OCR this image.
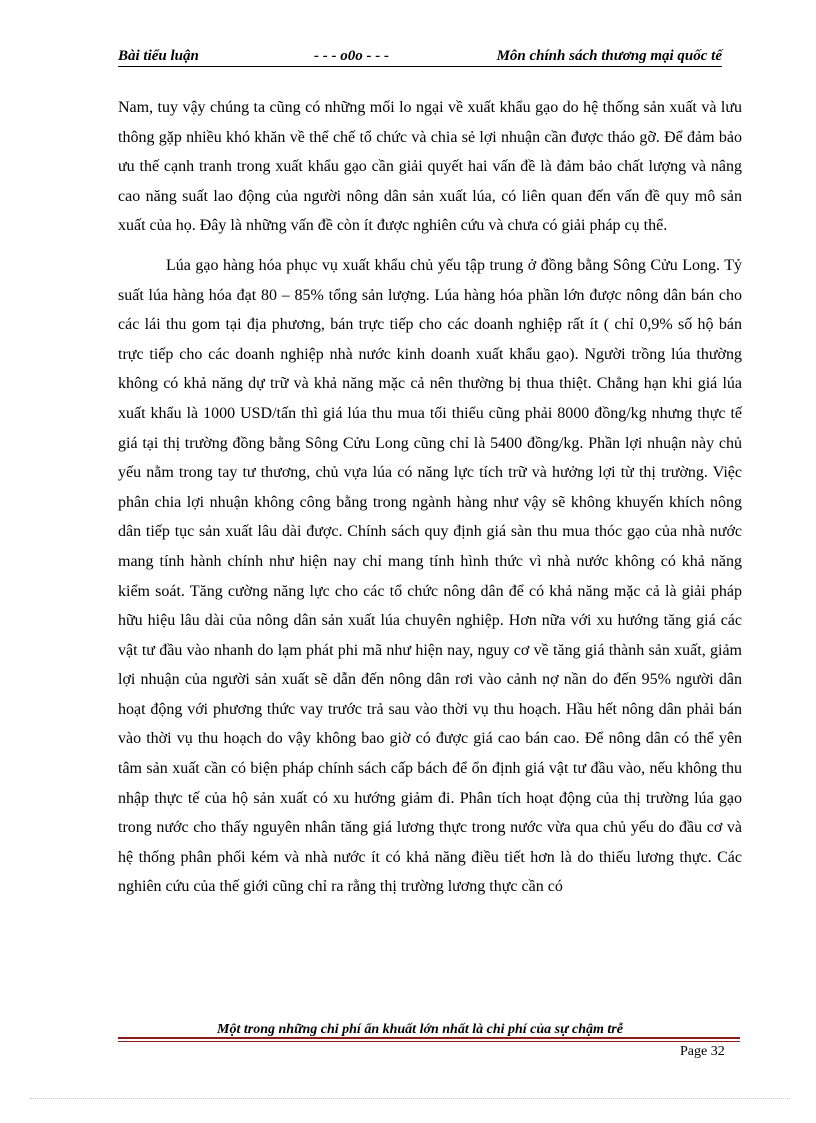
Bài tiểu luận	- - - o0o - - -	Môn chính sách thương mại quốc tế

Nam, tuy vậy chúng ta cũng có những mối lo ngại về xuất khẩu gạo do hệ thống sản xuất và lưu thông gặp nhiều khó khăn về thể chế tổ chức và chia sẻ lợi nhuận cần được tháo gỡ. Để đảm bảo ưu thế cạnh tranh trong xuất khẩu gạo cần giải quyết hai vấn đề là đảm bảo chất lượng và nâng cao năng suất lao động của người nông dân sản xuất lúa, có liên quan đến vấn đề quy mô sản xuất của họ. Đây là những vấn đề còn ít được nghiên cứu và chưa có giải pháp cụ thể.

Lúa gạo hàng hóa phục vụ xuất khẩu chủ yếu tập trung ở đồng bằng Sông Cửu Long. Tỷ suất lúa hàng hóa đạt 80 – 85% tổng sản lượng. Lúa hàng hóa phần lớn được nông dân bán cho các lái thu gom tại địa phương, bán trực tiếp cho các doanh nghiệp rất ít ( chỉ 0,9% số hộ bán trực tiếp cho các doanh nghiệp nhà nước kinh doanh xuất khẩu gạo). Người trồng lúa thường không có khả năng dự trữ và khả năng mặc cả nên thường bị thua thiệt. Chẳng hạn khi giá lúa xuất khẩu là 1000 USD/tấn thì giá lúa thu mua tối thiểu cũng phải 8000 đồng/kg nhưng thực tế giá tại thị trường đồng bằng Sông Cửu Long cũng chỉ là 5400 đồng/kg. Phần lợi nhuận này chủ yếu nằm trong tay tư thương, chủ vựa lúa có năng lực tích trữ và hưởng lợi từ thị trường. Việc phân chia lợi nhuận không công bằng trong ngành hàng như vậy sẽ không khuyến khích nông dân tiếp tục sản xuất lâu dài được. Chính sách quy định giá sàn thu mua thóc gạo của nhà nước mang tính hành chính như hiện nay chỉ mang tính hình thức vì nhà nước không có khả năng kiểm soát. Tăng cường năng lực cho các tổ chức nông dân để có khả năng mặc cả là giải pháp hữu hiệu lâu dài của nông dân sản xuất lúa chuyên nghiệp. Hơn nữa với xu hướng tăng giá các vật tư đầu vào nhanh do lạm phát phi mã như hiện nay, nguy cơ về tăng giá thành sản xuất, giảm lợi nhuận của người sản xuất sẽ dẫn đến nông dân rơi vào cảnh nợ nần do đến 95% người dân hoạt động với phương thức vay trước trả sau vào thời vụ thu hoạch. Hầu hết nông dân phải bán vào thời vụ thu hoạch do vậy không bao giờ có được giá cao bán cao. Để nông dân có thể yên tâm sản xuất cần có biện pháp chính sách cấp bách để ổn định giá vật tư đầu vào, nếu không thu nhập thực tế của hộ sản xuất có xu hướng giảm đi. Phân tích hoạt động của thị trường lúa gạo trong nước cho thấy nguyên nhân tăng giá lương thực trong nước vừa qua chủ yếu do đầu cơ và hệ thống phân phối kém và nhà nước ít có khả năng điều tiết hơn là do thiếu lương thực. Các nghiên cứu của thế giới cũng chỉ ra rằng thị trường lương thực cần có

Một trong những chi phí ẩn khuất lớn nhất là chi phí của sự chậm trễ
Page 32
